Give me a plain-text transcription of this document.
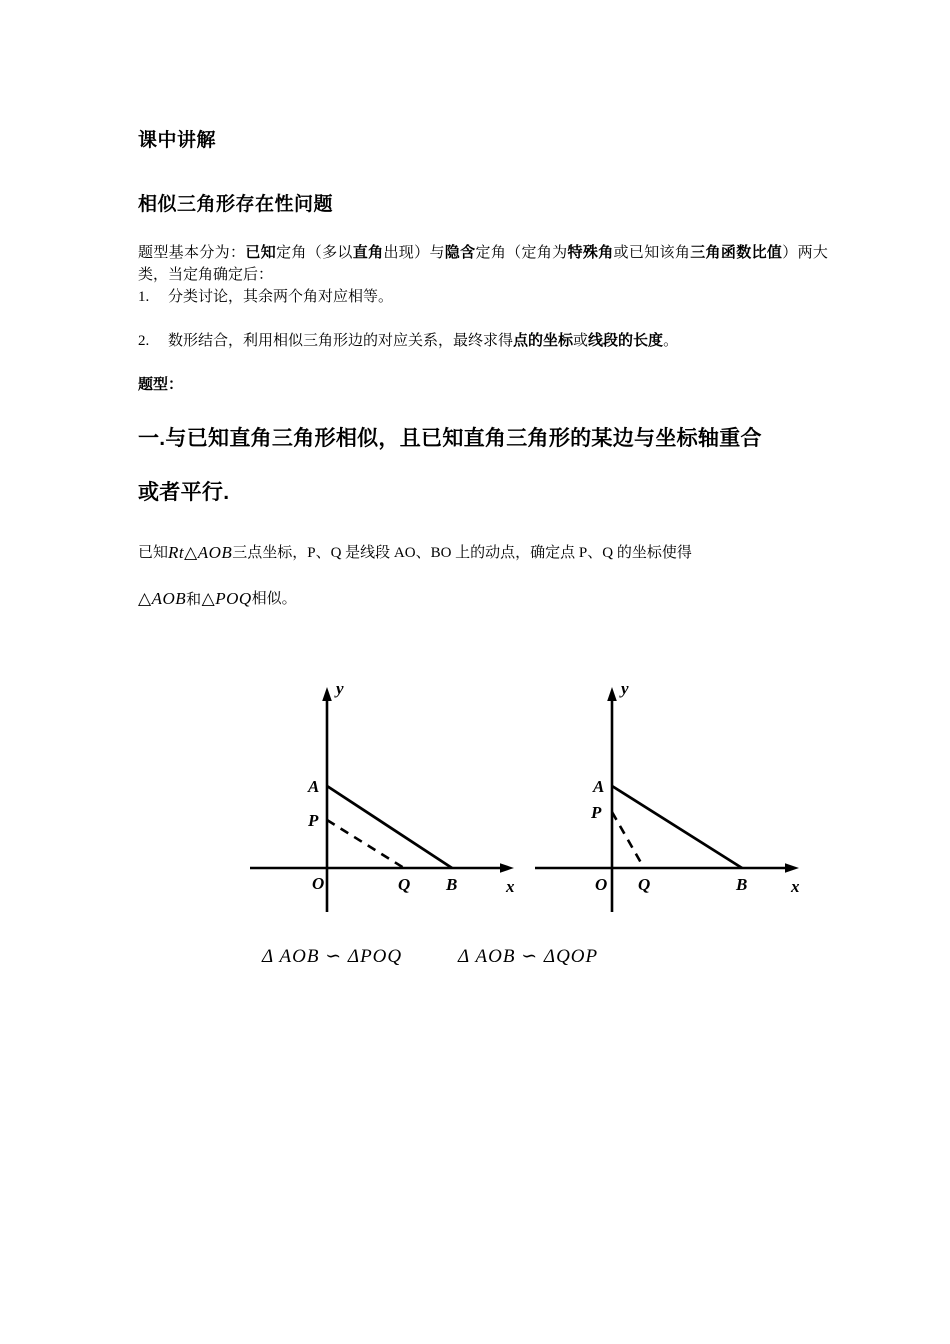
课中讲解
相似三角形存在性问题

题型基本分为：已知定角（多以直角出现）与隐含定角（定角为特殊角或已知该角三角函数比值）两大类，当定角确定后：

1.	分类讨论，其余两个角对应相等。
2.	数形结合，利用相似三角形边的对应关系，最终求得点的坐标或线段的长度。

题型：

一.与已知直角三角形相似，且已知直角三角形的某边与坐标轴重合
或者平行.

已知Rt△AOB三点坐标，P、Q 是线段 AO、BO 上的动点，确定点 P、Q 的坐标使得
△AOB和△POQ相似。

y
x
A
P
O	Q B
y
x
A
P
O Q	B
Δ AOB ∽ ΔPOQ	Δ AOB ∽ ΔQOP
